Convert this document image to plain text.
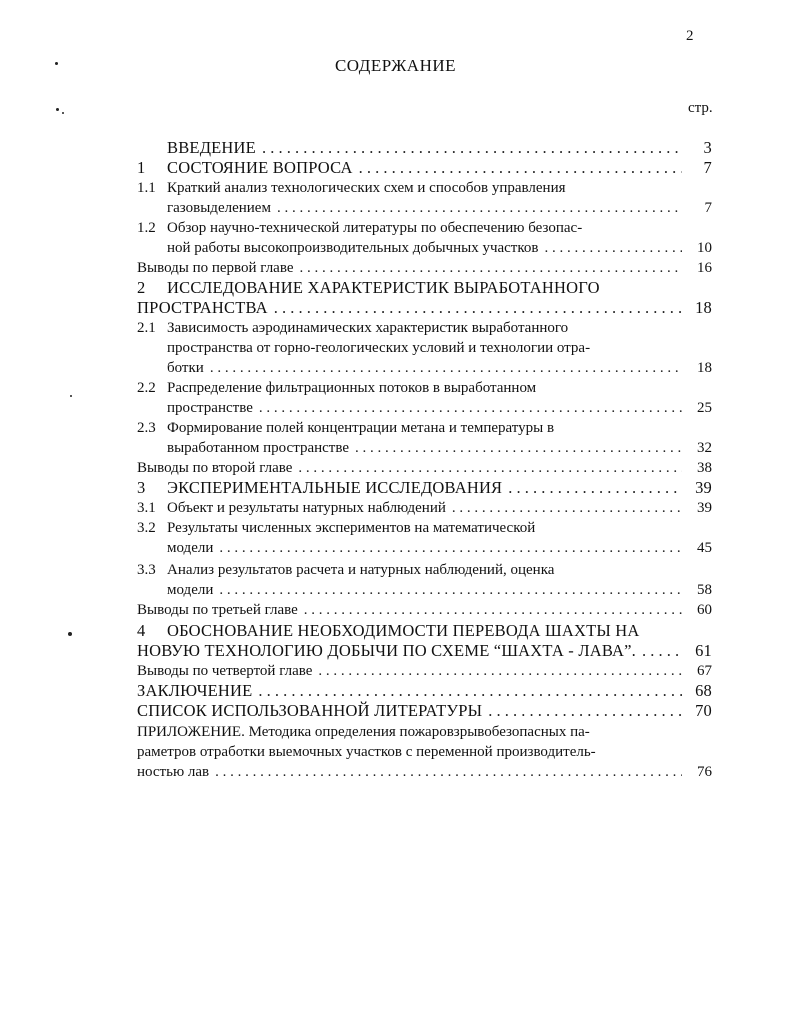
2
СОДЕРЖАНИЕ
стр.
ВВЕДЕНИЕ . . .	3
1 СОСТОЯНИЕ ВОПРОСА . . .	7
1.1 Краткий анализ технологических схем и способов управления
газовыделением . . .	7
1.2 Обзор научно-технической литературы по обеспечению безопас-
ной работы высокопроизводительных добычных участков . . .	10
Выводы по первой главе . . .	16
2 ИССЛЕДОВАНИЕ ХАРАКТЕРИСТИК ВЫРАБОТАННОГО
ПРОСТРАНСТВА . . .	18
2.1 Зависимость аэродинамических характеристик выработанного
пространства от горно-геологических условий и технологии отра-
ботки . . .	18
2.2 Распределение фильтрационных потоков в выработанном
пространстве . . .	25
2.3 Формирование полей концентрации метана и температуры в
выработанном пространстве . . .	32
Выводы по второй главе . . .	38
3 ЭКСПЕРИМЕНТАЛЬНЫЕ ИССЛЕДОВАНИЯ . . .	39
3.1 Объект и результаты натурных наблюдений . . .	39
3.2 Результаты численных экспериментов на математической
модели . . .	45
3.3 Анализ результатов расчета и натурных наблюдений, оценка
модели . . .	58
Выводы по третьей главе . . .	60
4 ОБОСНОВАНИЕ НЕОБХОДИМОСТИ ПЕРЕВОДА ШАХТЫ НА
НОВУЮ ТЕХНОЛОГИЮ ДОБЫЧИ ПО СХЕМЕ “ШАХТА - ЛАВА”. . . .	61
Выводы по четвертой главе . . .	67
ЗАКЛЮЧЕНИЕ . . .	68
СПИСОК ИСПОЛЬЗОВАННОЙ ЛИТЕРАТУРЫ . . .	70
ПРИЛОЖЕНИЕ. Методика определения пожаровзрывобезопасных па-
раметров отработки выемочных участков с переменной производитель-
ностью лав . . .	76
